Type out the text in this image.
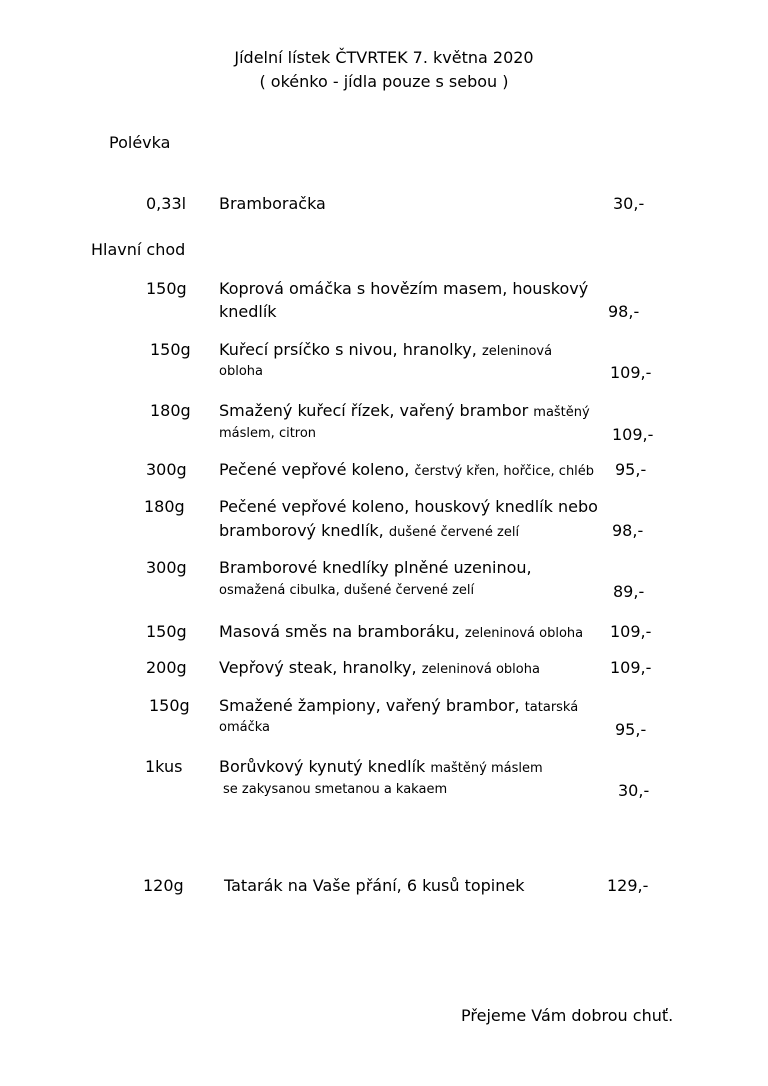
Jídelní lístek ČTVRTEK 7. května 2020
( okénko - jídla pouze s sebou )
Polévka
Hlavní chod
0,33l Bramboračka	30,-
150g Koprová omáčka s hovězím masem, houskový
knedlík	98,-
150g Kuřecí prsíčko s nivou, hranolky, zeleninová
obloha	109,-
180g Smažený kuřecí řízek, vařený brambor maštěný
máslem, citron	109,-
300g Pečené vepřové koleno, čerstvý křen, hořčice, chléb 95,-
180g Pečené vepřové koleno, houskový knedlík nebo
bramborový knedlík, dušené červené zelí	98,-
300g Bramborové knedlíky plněné uzeninou,
osmažená cibulka, dušené červené zelí	89,-
150g Masová směs na bramboráku, zeleninová obloha 109,-
200g Vepřový steak, hranolky, zeleninová obloha	109,-
150g Smažené žampiony, vařený brambor, tatarská
omáčka	95,-
1kus Borůvkový kynutý knedlík maštěný máslem
se zakysanou smetanou a kakaem	30,-
120g	Tatarák na Vaše přání, 6 kusů topinek	129,-
Přejeme Vám dobrou chuť.
